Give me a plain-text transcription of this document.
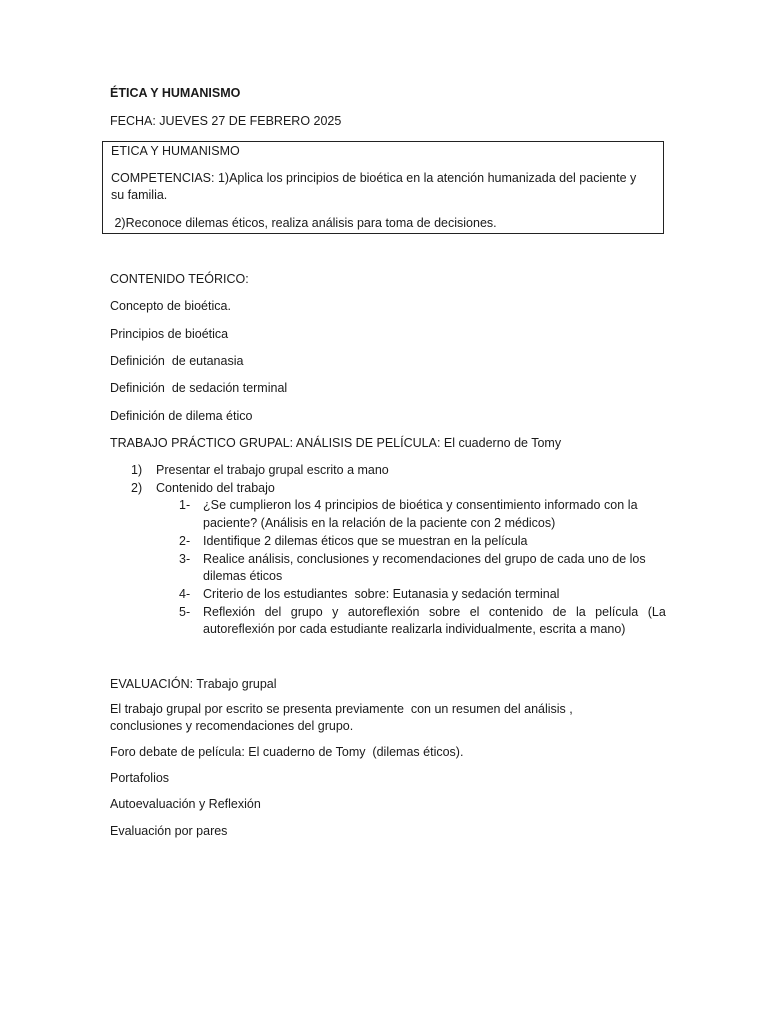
ÉTICA Y HUMANISMO

FECHA: JUEVES 27 DE FEBRERO 2025

ETICA Y HUMANISMO

COMPETENCIAS: 1)Aplica los principios de bioética en la atención humanizada del paciente y

su familia.

2)Reconoce dilemas éticos, realiza análisis para toma de decisiones.

CONTENIDO TEÓRICO:

Concepto de bioética.

Principios de bioética

Definición  de eutanasia

Definición  de sedación terminal

Definición de dilema ético

TRABAJO PRÁCTICO GRUPAL: ANÁLISIS DE PELÍCULA: El cuaderno de Tomy

1) Presentar el trabajo grupal escrito a mano

2) Contenido del trabajo

1- ¿Se cumplieron los 4 principios de bioética y consentimiento informado con la

paciente? (Análisis en la relación de la paciente con 2 médicos)

2- Identifique 2 dilemas éticos que se muestran en la película

3- Realice análisis, conclusiones y recomendaciones del grupo de cada uno de los

dilemas éticos

4- Criterio de los estudiantes  sobre: Eutanasia y sedación terminal

5- Reflexión del grupo y autoreflexión sobre el contenido de la película (La

autoreflexión por cada estudiante realizarla individualmente, escrita a mano)

EVALUACIÓN: Trabajo grupal

El trabajo grupal por escrito se presenta previamente  con un resumen del análisis ,

conclusiones y recomendaciones del grupo.

Foro debate de película: El cuaderno de Tomy  (dilemas éticos).

Portafolios

Autoevaluación y Reflexión

Evaluación por pares
